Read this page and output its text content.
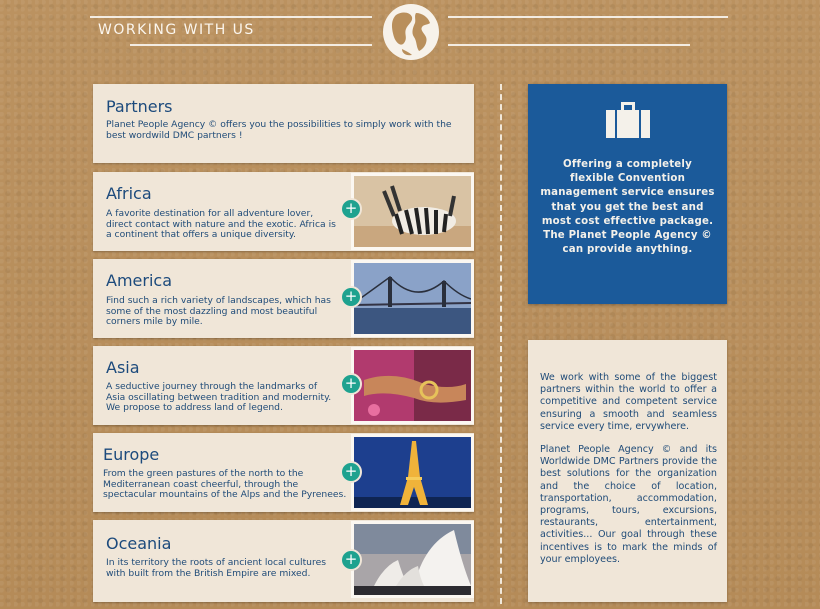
WORKING WITH US
Partners

Planet People Agency © offers you the possibilities to simply work with the best wordwild DMC partners !

Africa

A favorite destination for all adventure lover, direct contact with nature and the exotic. Africa is a continent that offers a unique diversity.

+
America

Find such a rich variety of landscapes, which has some of the most dazzling and most beautiful corners mile by mile.

+
Asia

A seductive journey through the landmarks of Asia oscillating between tradition and modernity. We propose to address land of legend.

+
Europe

From the green pastures of the north to the Mediterranean coast cheerful, through the spectacular mountains of the Alps and the Pyrenees.

+
Oceania

In its territory the roots of ancient local cultures with built from the British Empire are mixed.

+

Offering a completely flexible Convention management service ensures that you get the best and most cost effective package. The Planet People Agency © can provide anything.

We work with some of the biggest partners within the world to offer a competitive and competent service ensuring a smooth and seamless service every time, ervywhere.

Planet People Agency © and its Worldwide DMC Partners provide the best solutions for the organization and the choice of location, transportation, accommodation, programs, tours, excursions, restaurants, entertainment, activities... Our goal through these incentives is to mark the minds of your employees.
